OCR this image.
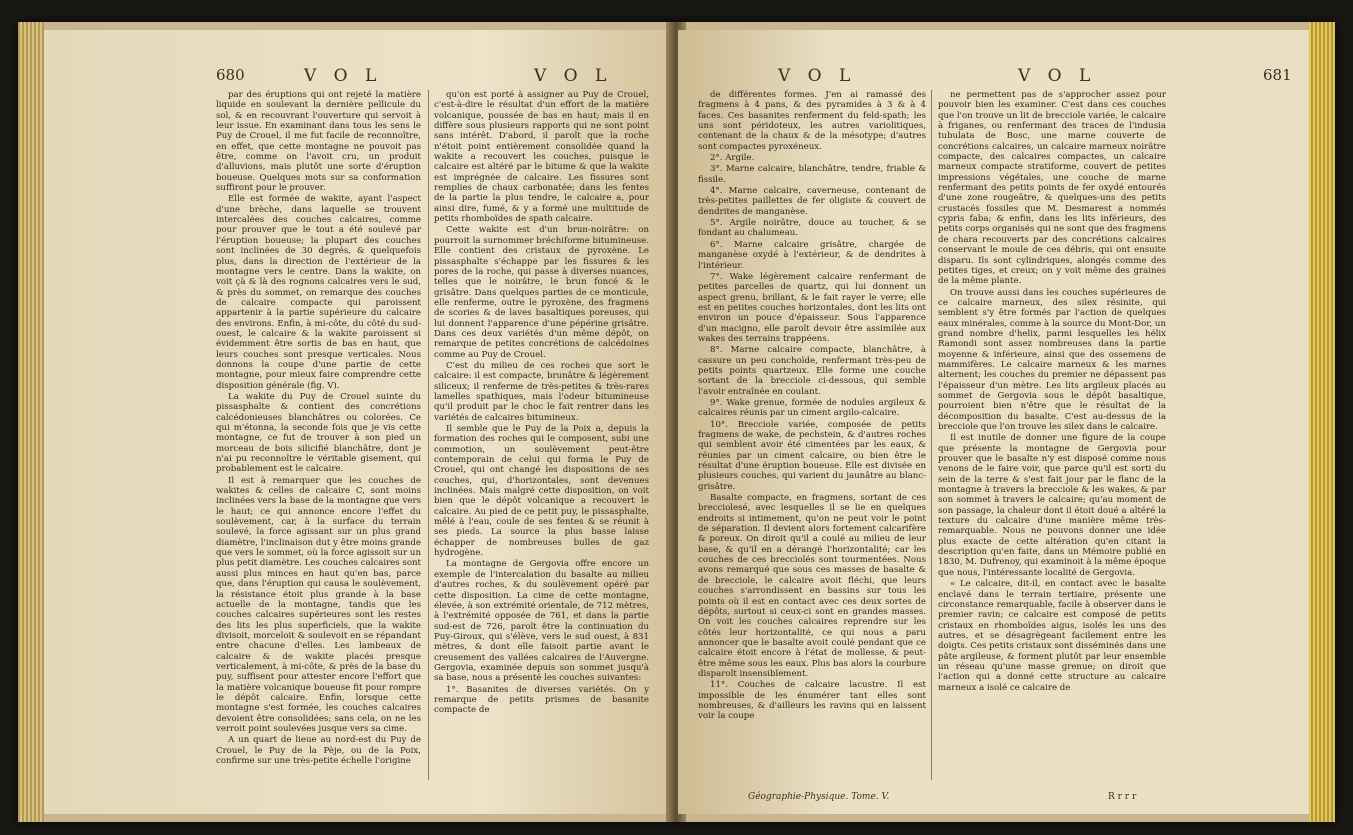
680	V O L	V O L

par des éruptions qui ont rejeté la matière liquide en soulevant la dernière pellicule du sol, & en recouvrant l'ouverture qui servoit à leur issue. En examinant dans tous les sens le Puy de Crouel, il me fut facile de reconnoître, en effet, que cette montagne ne pouvoit pas être, comme on l'avoit cru, un produit d'alluvions, mais plutôt une sorte d'éruption boueuse. Quelques mots sur sa conformation suffiront pour le prouver.

Elle est formée de wakite, ayant l'aspect d'une brèche, dans laquelle se trouvent intercalées des couches calcaires, comme pour prouver que le tout a été soulevé par l'éruption boueuse; la plupart des couches sont inclinées de 30 degrés, & quelquefois plus, dans la direction de l'extérieur de la montagne vers le centre. Dans la wakite, on voit çà & là des rognons calcaires vers le sud, & près du sommet, on remarque des couches de calcaire compacte qui paroissent appartenir à la partie supérieure du calcaire des environs. Enfin, à mi-côte, du côté du sud-ouest, le calcaire & la wakite paroissent si évidemment être sortis de bas en haut, que leurs couches sont presque verticales. Nous donnons la coupe d'une partie de cette montagne, pour mieux faire comprendre cette disposition générale (fig. V).

La wakite du Puy de Crouel suinte du pissasphalte & contient des concrétions calcédonieuses blanchâtres ou colorées. Ce qui m'étonna, la seconde fois que je vis cette montagne, ce fut de trouver à son pied un morceau de bois silicifié blanchâtre, dont je n'ai pu reconnoître le véritable gisement, qui probablement est le calcaire.

Il est à remarquer que les couches de wakites & celles de calcaire C, sont moins inclinées vers la base de la montagne que vers le haut; ce qui annonce encore l'effet du soulèvement, car, à la surface du terrain soulevé, la force agissant sur un plus grand diamètre, l'inclinaison dut y être moins grande que vers le sommet, où la force agissoit sur un plus petit diamètre. Les couches calcaires sont aussi plus minces en haut qu'en bas, parce que, dans l'éruption qui causa le soulèvement, la résistance étoit plus grande à la base actuelle de la montagne, tandis que les couches calcaires supérieures sont les restes des lits les plus superficiels, que la wakite divisoit, morceloit & soulevoit en se répandant entre chacune d'elles. Les lambeaux de calcaire & de wakite placés presque verticalement, à mi-côte, & près de la base du puy, suffisent pour attester encore l'effort que la matière volcanique boueuse fit pour rompre le dépôt calcaire. Enfin, lorsque cette montagne s'est formée, les couches calcaires devoient être consolidées; sans cela, on ne les verroit point soulevées jusque vers sa cime.

A un quart de lieue au nord-est du Puy de Crouel, le Puy de la Pèje, ou de la Poix, confirme sur une très-petite échelle l'origine

qu'on est porté à assigner au Puy de Crouel, c'est-à-dire le résultat d'un effort de la matière volcanique, poussée de bas en haut; mais il en diffère sous plusieurs rapports qui ne sont point sans intérêt. D'abord, il paroît que la roche n'étoit point entièrement consolidée quand la wakite a recouvert les couches, puisque le calcaire est altéré par le bitume & que la wakite est imprégnée de calcaire. Les fissures sont remplies de chaux carbonatée; dans les fentes de la partie la plus tendre, le calcaire a, pour ainsi dire, fumé, & y a formé une multitude de petits rhomboïdes de spath calcaire.

Cette wakite est d'un brun-noirâtre: on pourroit la surnommer bréchiforme bitumineuse. Elle contient des cristaux de pyroxène. Le pissasphalte s'échappe par les fissures & les pores de la roche, qui passe à diverses nuances, telles que le noirâtre, le brun foncé & le grisâtre. Dans quelques parties de ce monticule, elle renferme, outre le pyroxène, des fragmens de scories & de laves basaltiques poreuses, qui lui donnent l'apparence d'une pépérine grisâtre. Dans ces deux variétés d'un même dépôt, on remarque de petites concrétions de calcédoines comme au Puy de Crouel.

C'est du milieu de ces roches que sort le calcaire: il est compacte, brunâtre & légèrement siliceux; il renferme de très-petites & très-rares lamelles spathiques, mais l'odeur bitumineuse qu'il produit par le choc le fait rentrer dans les variétés de calcaires bitumineux.

Il semble que le Puy de la Poix a, depuis la formation des roches qui le composent, subi une commotion, un soulèvement peut-être contemporain de celui qui forma le Puy de Crouel, qui ont changé les dispositions de ses couches, qui, d'horizontales, sont devenues inclinées. Mais malgré cette disposition, on voit bien que le dépôt volcanique a recouvert le calcaire. Au pied de ce petit puy, le pissasphalte, mêlé à l'eau, coule de ses fentes & se réunit à ses pieds. La source la plus basse laisse échapper de nombreuses bulles de gaz hydrogène.

La montagne de Gergovia offre encore un exemple de l'intercalation du basalte au milieu d'autres roches, & du soulèvement opéré par cette disposition. La cime de cette montagne, élevée, à son extrémité orientale, de 712 mètres, à l'extrémité opposée de 761, et dans la partie sud-est de 726, paroît être la continuation du Puy-Giroux, qui s'élève, vers le sud ouest, à 831 mètres, & dont elle faisoit partie avant le creusement des vallées calcaires de l'Auvergne. Gergovia, examinée depuis son sommet jusqu'à sa base, nous a présenté les couches suivantes:

1°. Basanites de diverses variétés. On y remarque de petits prismes de basanite compacte de

V O L	V O L	681

de différentes formes. J'en ai ramassé des fragmens à 4 pans, & des pyramides à 3 & à 4 faces. Ces basanites renferment du feld-spath; les uns sont péridoteux, les autres variolitiques, contenant de la chaux & de la mésotype; d'autres sont compactes pyroxéneux.

2°. Argile.

3°. Marne calcaire, blanchâtre, tendre, friable & fissile.

4°. Marne calcaire, caverneuse, contenant de très-petites paillettes de fer oligiste & couvert de dendrites de manganèse.

5°. Argile noirâtre, douce au toucher, & se fondant au chalumeau.

6°. Marne calcaire grisâtre, chargée de manganèse oxydé à l'extérieur, & de dendrites à l'intérieur.

7°. Wake légèrement calcaire renfermant de petites parcelles de quartz, qui lui donnent un aspect grenu, brillant, & le fait rayer le verre; elle est en petites couches horizontales, dont les lits ont environ un pouce d'épaisseur. Sous l'apparence d'un macigno, elle paroît devoir être assimilée aux wakes des terrains trappéens.

8°. Marne calcaire compacte, blanchâtre, à cassure un peu conchoïde, renfermant très-peu de petits points quartzeux. Elle forme une couche sortant de la brecciole ci-dessous, qui semble l'avoir entraînée en coulant.

9°. Wake grenue, formée de nodules argileux & calcaires réunis par un ciment argilo-calcaire.

10°. Brecciole variée, composée de petits fragmens de wake, de pechstein, & d'autres roches qui semblent avoir été cimentées par les eaux, & réunies par un ciment calcaire, ou bien être le résultat d'une éruption boueuse. Elle est divisée en plusieurs couches, qui varient du jaunâtre au blanc-grisâtre.

Basalte compacte, en fragmens, sortant de ces brecciolesé, avec lesquelles il se lie en quelques endroits si intimement, qu'on ne peut voir le point de séparation. Il devient alors fortement calcarifère & poreux. On diroit qu'il a coulé au milieu de leur base, & qu'il en a dérangé l'horizontalité; car les couches de ces brecciolés sont tourmentées. Nous avons remarqué que sous ces masses de basalte & de brecciole, le calcaire avoit fléchi, que leurs couches s'arrondissent en bassins sur tous les points où il est en contact avec ces deux sortes de dépôts, surtout si ceux-ci sont en grandes masses. On voit les couches calcaires reprendre sur les côtés leur horizontalité, ce qui nous a paru annoncer que le basalte avoit coulé pendant que ce calcaire étoit encore à l'état de mollesse, & peut-être même sous les eaux. Plus bas alors la courbure disparoît insensiblement.

11°. Couches de calcaire lacustre. Il est impossible de les énumérer tant elles sont nombreuses, & d'ailleurs les ravins qui en laissent voir la coupe

ne permettent pas de s'approcher assez pour pouvoir bien les examiner. C'est dans ces couches que l'on trouve un lit de brecciole variée, le calcaire à friganes, ou renfermant des traces de l'indusia tubulata de Bosc, une marne couverte de concrétions calcaires, un calcaire marneux noirâtre compacte, des calcaires compactes, un calcaire marneux compacte stratiforme, couvert de petites impressions végétales, une couche de marne renfermant des petits points de fer oxydé entourés d'une zone rougeâtre, & quelques-uns des petits crustacés fossiles que M. Desmarest a nommés cypris faba; & enfin, dans les lits inférieurs, des petits corps organisés qui ne sont que des fragmens de chara recouverts par des concrétions calcaires conservant le moule de ces débris, qui ont ensuite disparu. Ils sont cylindriques, alongés comme des petites tiges, et creux; on y voit même des graines de la même plante.

On trouve aussi dans les couches supérieures de ce calcaire marneux, des silex résinite, qui semblent s'y être formés par l'action de quelques eaux minérales, comme à la source du Mont-Dor, un grand nombre d'helix, parmi lesquelles les hélix Ramondi sont assez nombreuses dans la partie moyenne & inférieure, ainsi que des ossemens de mammifères. Le calcaire marneux & les marnes alternent; les couches du premier ne dépassent pas l'épaisseur d'un mètre. Les lits argileux placés au sommet de Gergovia sous le dépôt basaltique, pourroient bien n'être que le résultat de la décomposition du basalte. C'est au-dessus de la brecciole que l'on trouve les silex dans le calcaire.

Il est inutile de donner une figure de la coupe que présente la montagne de Gergovia pour prouver que le basalte n'y est disposé comme nous venons de le faire voir, que parce qu'il est sorti du sein de la terre & s'est fait jour par le flanc de la montagne à travers la brecciole & les wakes, & par son sommet à travers le calcaire; qu'au moment de son passage, la chaleur dont il étoit doué a altéré la texture du calcaire d'une manière même très-remarquable. Nous ne pouvons donner une idée plus exacte de cette altération qu'en citant la description qu'en faite, dans un Mémoire publié en 1830, M. Dufrenoy, qui examinoit à la même époque que nous, l'intéressante localité de Gergovia.

« Le calcaire, dit-il, en contact avec le basalte enclavé dans le terrain tertiaire, présente une circonstance remarquable, facile à observer dans le premier ravin; ce calcaire est composé de petits cristaux en rhomboïdes aigus, isolés les uns des autres, et se désagrègeant facilement entre les doigts. Ces petits cristaux sont disséminés dans une pâte argileuse, & forment plutôt par leur ensemble un réseau qu'une masse grenue; on diroit que l'action qui a donné cette structure au calcaire marneux a isolé ce calcaire de

Géographie-Physique. Tome. V.	R r r r
